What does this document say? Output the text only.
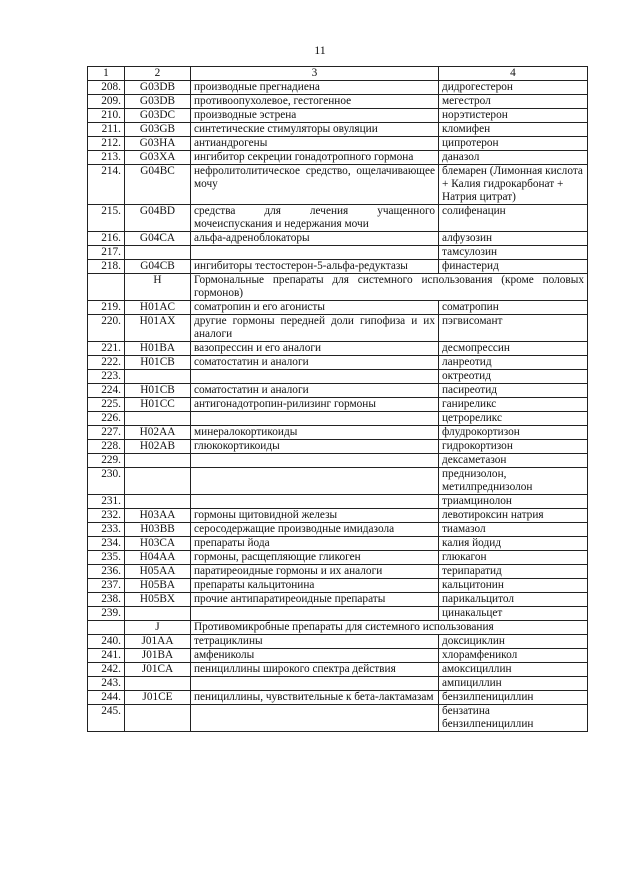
11
1	2	3	4
208.	G03DB	производные прегнадиена	дидрогестерон
209.	G03DB	противоопухолевое, гестогенное	мегестрол
210.	G03DC	производные эстрена	норэтистерон
211.	G03GB	синтетические стимуляторы овуляции	кломифен
212.	G03HA	антиандрогены	ципротерон
213.	G03XA	ингибитор секреции гонадотропного гормона	даназол
214.	G04BC	нефролитолитическое средство, ощелачивающее мочу	блемарен (Лимонная кислота + Калия гидрокарбонат + Натрия цитрат)
215.	G04BD	средства для лечения учащенного мочеиспускания и недержания мочи	солифенацин
216.	G04CA	альфа-адреноблокаторы	алфузозин
217.			тамсулозин
218.	G04CB	ингибиторы тестостерон-5-альфа-редуктазы	финастерид
	H	Гормональные препараты для системного использования (кроме половых гормонов)	
219.	H01AC	соматропин и его агонисты	соматропин
220.	H01AX	другие гормоны передней доли гипофиза и их аналоги	пэгвисомант
221.	H01BA	вазопрессин и его аналоги	десмопрессин
222.	H01CB	соматостатин и аналоги	ланреотид
223.			октреотид
224.	H01CB	соматостатин и аналоги	пасиреотид
225.	H01CC	антигонадотропин-рилизинг гормоны	ганиреликс
226.			цетрореликс
227.	H02AA	минералокортикоиды	флудрокортизон
228.	H02AB	глюкокортикоиды	гидрокортизон
229.			дексаметазон
230.			преднизолон, метилпреднизолон
231.			триамцинолон
232.	H03AA	гормоны щитовидной железы	левотироксин натрия
233.	H03BB	серосодержащие производные имидазола	тиамазол
234.	H03CA	препараты йода	калия йодид
235.	H04AA	гормоны, расщепляющие гликоген	глюкагон
236.	H05AA	паратиреоидные гормоны и их аналоги	терипаратид
237.	H05BA	препараты кальцитонина	кальцитонин
238.	H05BX	прочие антипаратиреоидные препараты	парикальцитол
239.			цинакальцет
	J	Противомикробные препараты для системного использования	
240.	J01AA	тетрациклины	доксициклин
241.	J01BA	амфениколы	хлорамфеникол
242.	J01CA	пенициллины широкого спектра действия	амоксициллин
243.			ампициллин
244.	J01CE	пенициллины, чувствительные к бета-лактамазам	бензилпенициллин
245.			бензатина бензилпенициллин
